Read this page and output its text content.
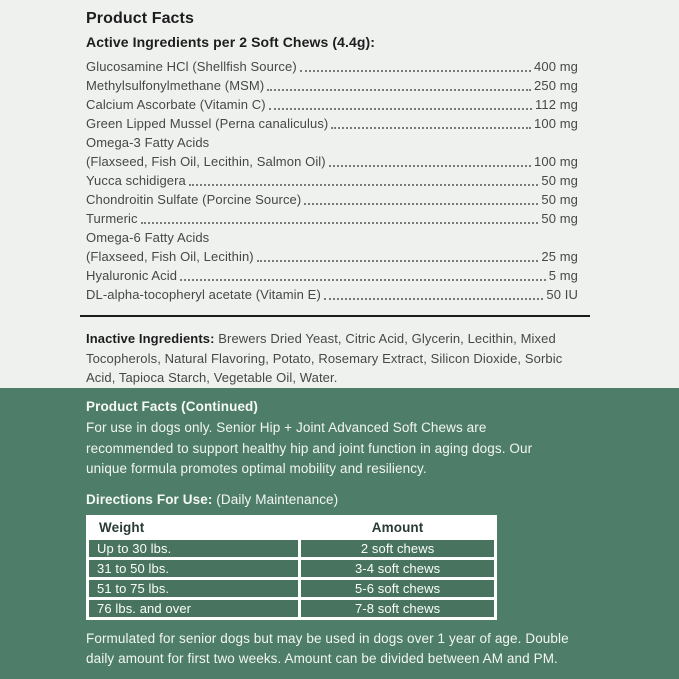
Product Facts
Active Ingredients per 2 Soft Chews (4.4g):
Glucosamine HCl (Shellfish Source)	400 mg
Methylsulfonylmethane (MSM)	250 mg
Calcium Ascorbate (Vitamin C)	112 mg
Green Lipped Mussel (Perna canaliculus)	100 mg
Omega-3 Fatty Acids
(Flaxseed, Fish Oil, Lecithin, Salmon Oil)	100 mg
Yucca schidigera	50 mg
Chondroitin Sulfate (Porcine Source)	50 mg
Turmeric	50 mg
Omega-6 Fatty Acids
(Flaxseed, Fish Oil, Lecithin)	25 mg
Hyaluronic Acid	5 mg
DL-alpha-tocopheryl acetate (Vitamin E)	50 IU

Inactive Ingredients: Brewers Dried Yeast, Citric Acid, Glycerin, Lecithin, Mixed Tocopherols, Natural Flavoring, Potato, Rosemary Extract, Silicon Dioxide, Sorbic Acid, Tapioca Starch, Vegetable Oil, Water.

Product Facts (Continued)

For use in dogs only. Senior Hip + Joint Advanced Soft Chews are recommended to support healthy hip and joint function in aging dogs. Our unique formula promotes optimal mobility and resiliency.

Directions For Use: (Daily Maintenance)

Weight	Amount
Up to 30 lbs.	2 soft chews
31 to 50 lbs.	3-4 soft chews
51 to 75 lbs.	5-6 soft chews
76 lbs. and over	7-8 soft chews

Formulated for senior dogs but may be used in dogs over 1 year of age. Double daily amount for first two weeks. Amount can be divided between AM and PM.
